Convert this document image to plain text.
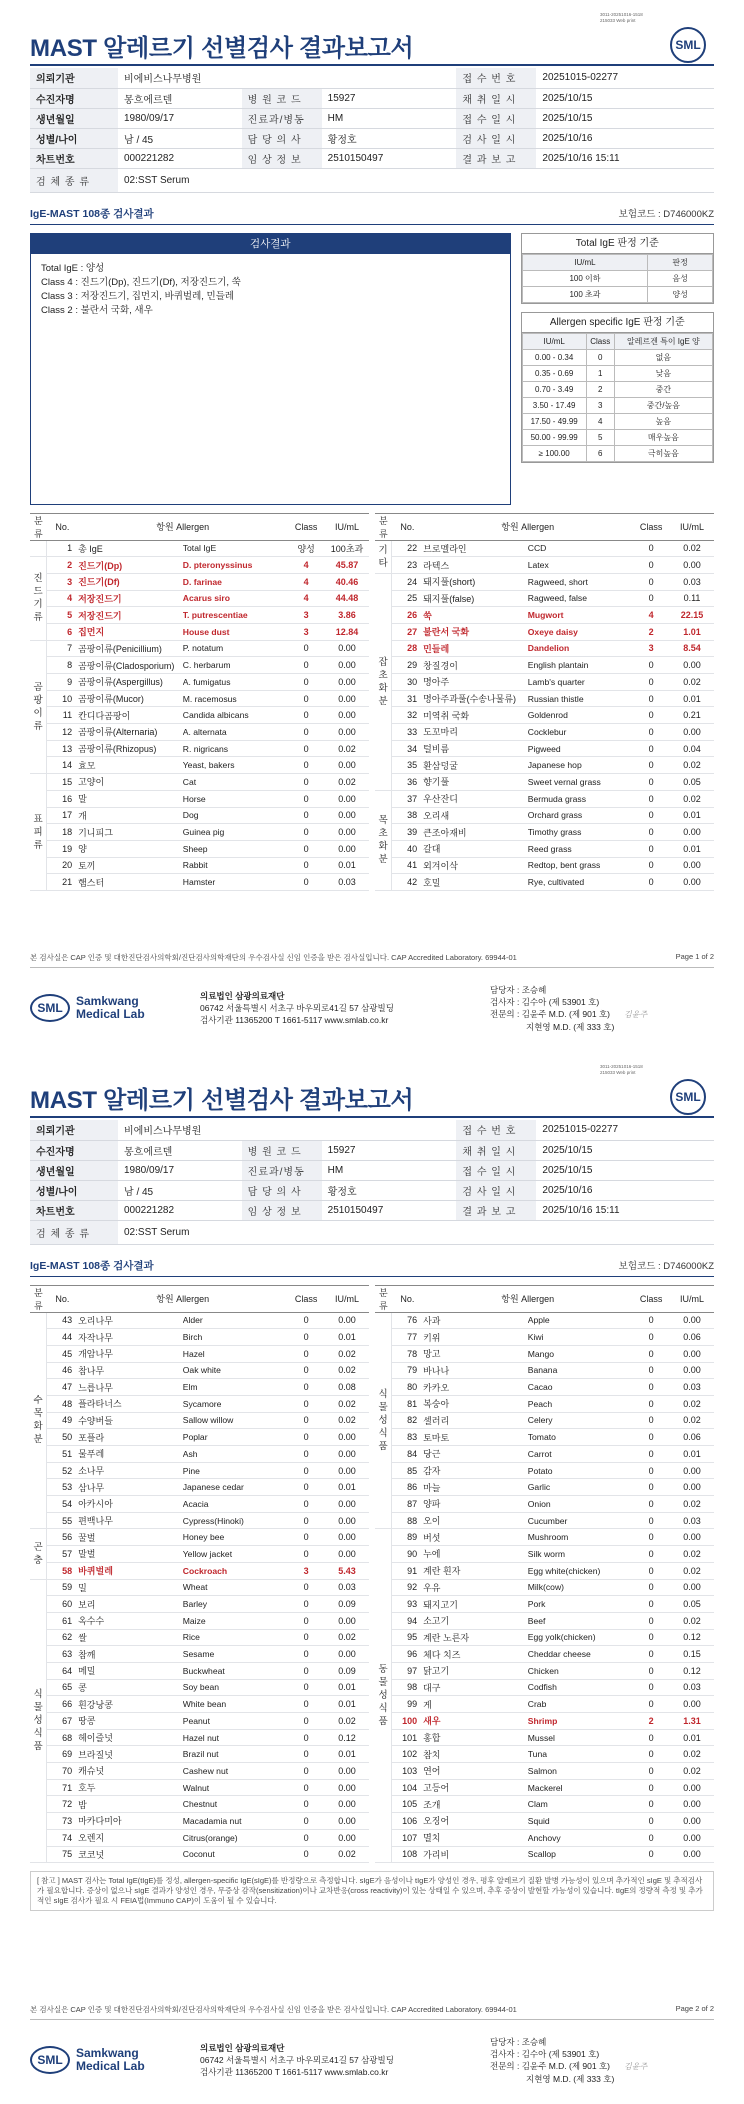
3011-20251016-1518
215033 Web print
MAST 알레르기 선별검사 결과보고서	SML
의뢰기관	비에비스나무병원			접 수 번 호	20251015-02277
수진자명	몽흐에르덴	병 원 코 드	15927	채 취 일 시	2025/10/15
생년월일	1980/09/17	진료과/병동	HM	접 수 일 시	2025/10/15
성별/나이	남 / 45	담 당 의 사	황정호	검 사 일 시	2025/10/16
차트번호	000221282	임 상 정 보	2510150497	결 과 보 고	2025/10/16 15:11
검 체 종 류	02:SST Serum				
IgE-MAST 108종 검사결과	보험코드 : D746000KZ
검사결과
Total IgE : 양성
Class 4 : 진드기(Dp), 진드기(Df), 저장진드기, 쑥
Class 3 : 저장진드기, 집먼지, 바퀴벌레, 민들레
Class 2 : 불란서 국화, 새우
Total IgE 판정 기준
IU/mL	판정
100 이하	음성
100 초과	양성
Allergen specific IgE 판정 기준
IU/mL	Class	알레르겐 특이 IgE 양
0.00 - 0.34	0	없음
0.35 - 0.69	1	낮음
0.70 - 3.49	2	중간
3.50 - 17.49	3	중간/높음
17.50 - 49.99	4	높음
50.00 - 99.99	5	매우높음
≥ 100.00	6	극히높음
분류	No.	항원 Allergen		Class	IU/mL
	1	총 IgE	Total IgE	양성	100초과

진
드
기
류	2	진드기(Dp)	D. pteronyssinus	4	45.87
	3	진드기(Df)	D. farinae	4	40.46
	4	저장진드기	Acarus siro	4	44.48
	5	저장진드기	T. putrescentiae	3	3.86
	6	집먼지	House dust	3	12.84

곰
팡
이
류	7	곰팡이류(Penicillium)	P. notatum	0	0.00
	8	곰팡이류(Cladosporium)	C. herbarum	0	0.00
	9	곰팡이류(Aspergillus)	A. fumigatus	0	0.00
	10	곰팡이류(Mucor)	M. racemosus	0	0.00
	11	칸디다곰팡이	Candida albicans	0	0.00
	12	곰팡이류(Alternaria)	A. alternata	0	0.00
	13	곰팡이류(Rhizopus)	R. nigricans	0	0.02
	14	효모	Yeast, bakers	0	0.00

표
피
류	15	고양이	Cat	0	0.02
	16	말	Horse	0	0.00
	17	개	Dog	0	0.00
	18	기니피그	Guinea pig	0	0.00
	19	양	Sheep	0	0.00
	20	토끼	Rabbit	0	0.01
	21	햄스터	Hamster	0	0.03
분류	No.	항원 Allergen		Class	IU/mL

기
타	22	브로멜라인	CCD	0	0.02
	23	라텍스	Latex	0	0.00

잡
초
화
분	24	돼지풀(short)	Ragweed, short	0	0.03
	25	돼지풀(false)	Ragweed, false	0	0.11
	26	쑥	Mugwort	4	22.15
	27	불란서 국화	Oxeye daisy	2	1.01
	28	민들레	Dandelion	3	8.54
	29	창질경이	English plantain	0	0.00
	30	명아주	Lamb's quarter	0	0.02
	31	명아주과풀(수송나물류)	Russian thistle	0	0.01
	32	미역취 국화	Goldenrod	0	0.21
	33	도꼬마리	Cocklebur	0	0.00
	34	털비름	Pigweed	0	0.04
	35	환삼덩굴	Japanese hop	0	0.02
	36	향기풀	Sweet vernal grass	0	0.05

목
초
화
분	37	우산잔디	Bermuda grass	0	0.02
	38	오리새	Orchard grass	0	0.01
	39	큰조아재비	Timothy grass	0	0.00
	40	갈대	Reed grass	0	0.01
	41	외겨이삭	Redtop, bent grass	0	0.00
	42	호밀	Rye, cultivated	0	0.00
본 검사실은 CAP 인증 및 대한진단검사의학회/진단검사의학재단의 우수검사실 신임 인증을 받은 검사실입니다. CAP Accredited Laboratory. 69944-01	Page 1 of 2
SML	Samkwang
Medical Lab
의료법인 삼광의료재단
06742 서울특별시 서초구 바우뫼로41길 57 삼광빌딩
검사기관 11365200 T 1661-5117 www.smlab.co.kr
담당자 : 조승혜
검사자 : 김수아 (제 53901 호)
전문의 : 김윤주 M.D. (제 901 호) 김윤주
지현영 M.D. (제 333 호)
3011-20251016-1518
215033 Web print
MAST 알레르기 선별검사 결과보고서	SML
의뢰기관	비에비스나무병원			접 수 번 호	20251015-02277
수진자명	몽흐에르덴	병 원 코 드	15927	채 취 일 시	2025/10/15
생년월일	1980/09/17	진료과/병동	HM	접 수 일 시	2025/10/15
성별/나이	남 / 45	담 당 의 사	황정호	검 사 일 시	2025/10/16
차트번호	000221282	임 상 정 보	2510150497	결 과 보 고	2025/10/16 15:11
검 체 종 류	02:SST Serum				
IgE-MAST 108종 검사결과	보험코드 : D746000KZ
분류	No.	항원 Allergen		Class	IU/mL

수
목
화
분	43	오리나무	Alder	0	0.00
	44	자작나무	Birch	0	0.01
	45	개암나무	Hazel	0	0.02
	46	참나무	Oak white	0	0.02
	47	느릅나무	Elm	0	0.08
	48	플라타너스	Sycamore	0	0.02
	49	수양버들	Sallow willow	0	0.02
	50	포플라	Poplar	0	0.00
	51	물푸레	Ash	0	0.00
	52	소나무	Pine	0	0.00
	53	삼나무	Japanese cedar	0	0.01
	54	아카시아	Acacia	0	0.00
	55	편백나무	Cypress(Hinoki)	0	0.00

곤
충	56	꿀벌	Honey bee	0	0.00
	57	말벌	Yellow jacket	0	0.00
	58	바퀴벌레	Cockroach	3	5.43

식
물
성
식
품	59	밀	Wheat	0	0.03
	60	보리	Barley	0	0.09
	61	옥수수	Maize	0	0.00
	62	쌀	Rice	0	0.02
	63	참깨	Sesame	0	0.00
	64	메밀	Buckwheat	0	0.09
	65	콩	Soy bean	0	0.01
	66	흰강낭콩	White bean	0	0.01
	67	땅콩	Peanut	0	0.02
	68	헤이즐넛	Hazel nut	0	0.12
	69	브라질넛	Brazil nut	0	0.01
	70	캐슈넛	Cashew nut	0	0.00
	71	호두	Walnut	0	0.00
	72	밤	Chestnut	0	0.00
	73	마카다미아	Macadamia nut	0	0.00
	74	오렌지	Citrus(orange)	0	0.00
	75	코코넛	Coconut	0	0.02
분류	No.	항원 Allergen		Class	IU/mL

식
물
성
식
품	76	사과	Apple	0	0.00
	77	키위	Kiwi	0	0.06
	78	망고	Mango	0	0.00
	79	바나나	Banana	0	0.00
	80	카카오	Cacao	0	0.03
	81	복숭아	Peach	0	0.02
	82	셀러리	Celery	0	0.02
	83	토마토	Tomato	0	0.06
	84	당근	Carrot	0	0.01
	85	감자	Potato	0	0.00
	86	마늘	Garlic	0	0.00
	87	양파	Onion	0	0.02
	88	오이	Cucumber	0	0.03

동
물
성
식
품	89	버섯	Mushroom	0	0.00
	90	누에	Silk worm	0	0.02
	91	계란 흰자	Egg white(chicken)	0	0.02
	92	우유	Milk(cow)	0	0.00
	93	돼지고기	Pork	0	0.05
	94	소고기	Beef	0	0.02
	95	계란 노른자	Egg yolk(chicken)	0	0.12
	96	체다 치즈	Cheddar cheese	0	0.15
	97	닭고기	Chicken	0	0.12
	98	대구	Codfish	0	0.03
	99	게	Crab	0	0.00
	100	새우	Shrimp	2	1.31
	101	홍합	Mussel	0	0.01
	102	참치	Tuna	0	0.02
	103	연어	Salmon	0	0.02
	104	고등어	Mackerel	0	0.00
	105	조개	Clam	0	0.00
	106	오징어	Squid	0	0.00
	107	멸치	Anchovy	0	0.00
	108	가리비	Scallop	0	0.00
[ 참고 ] MAST 검사는 Total IgE(tIgE)를 정성, allergen-specific IgE(sIgE)를 반정량으로 측정합니다. sIgE가 음성이나 tIgE가 양성인 경우, 평후 알레르기 질환 발병 가능성이 있으며 추가적인 sIgE 및 추적검사가 필요합니다. 증상이 없으나 sIgE 결과가 양성인 경우, 무증상 감작(sensitization)이나 교차반응(cross reactivity)이 있는 상태일 수 있으며, 추후 증상이 발현할 가능성이 있습니다. tIgE의 정량적 측정 및 추가적인 sIgE 검사가 필요 시 FEIA법(Immuno CAP)이 도움이 될 수 있습니다.
본 검사실은 CAP 인증 및 대한진단검사의학회/진단검사의학재단의 우수검사실 신임 인증을 받은 검사실입니다. CAP Accredited Laboratory. 69944-01	Page 2 of 2
SML	Samkwang
Medical Lab
의료법인 삼광의료재단
06742 서울특별시 서초구 바우뫼로41길 57 삼광빌딩
검사기관 11365200 T 1661-5117 www.smlab.co.kr
담당자 : 조승혜
검사자 : 김수아 (제 53901 호)
전문의 : 김윤주 M.D. (제 901 호) 김윤주
지현영 M.D. (제 333 호)
